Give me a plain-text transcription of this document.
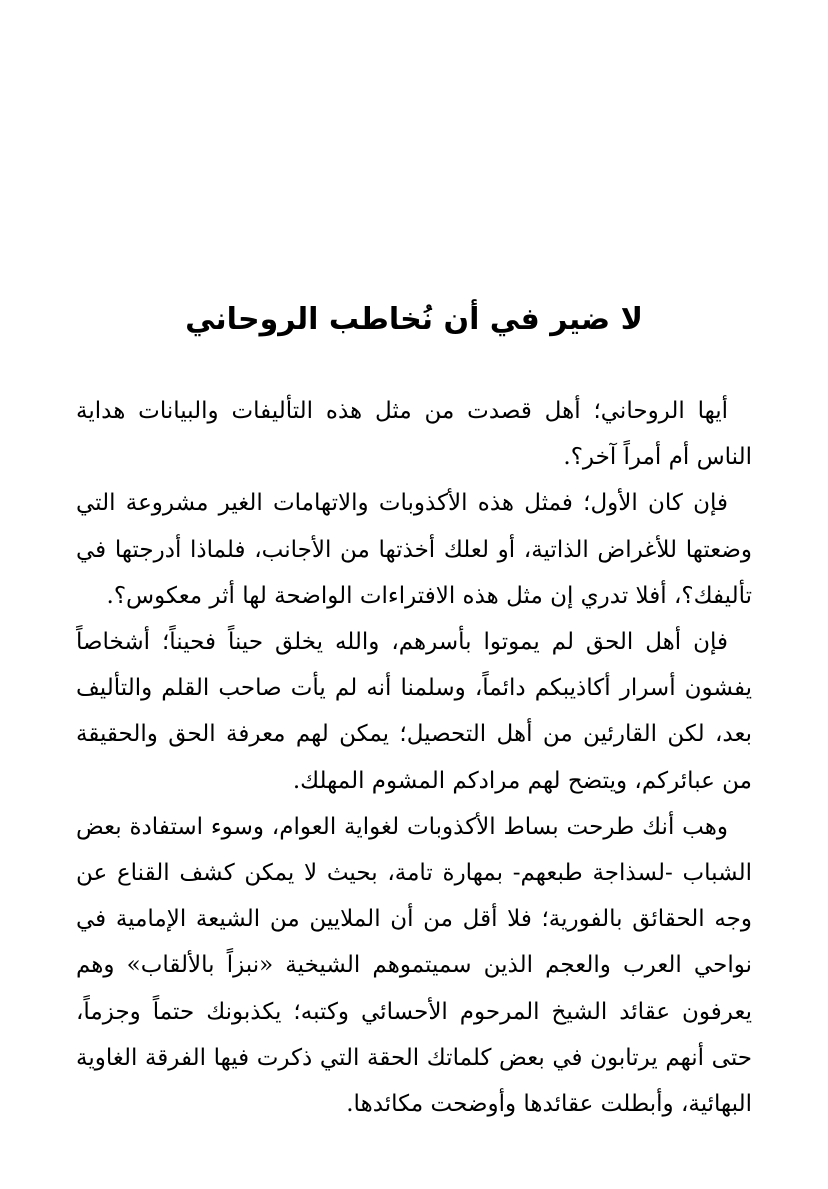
لا ضير في أن نُخاطب الروحاني

أيها الروحاني؛ أهل قصدت من مثل هذه التأليفات والبيانات هداية الناس أم أمراً آخر؟.

فإن كان الأول؛ فمثل هذه الأكذوبات والاتهامات الغير مشروعة التي وضعتها للأغراض الذاتية، أو لعلك أخذتها من الأجانب، فلماذا أدرجتها في تأليفك؟، أفلا تدري إن مثل هذه الافتراءات الواضحة لها أثر معكوس؟.

فإن أهل الحق لم يموتوا بأسرهم، والله يخلق حيناً فحيناً؛ أشخاصاً يفشون أسرار أكاذيبكم دائماً، وسلمنا أنه لم يأت صاحب القلم والتأليف بعد، لكن القارئين من أهل التحصيل؛ يمكن لهم معرفة الحق والحقيقة من عبائركم، ويتضح لهم مرادكم المشوم المهلك.

وهب أنك طرحت بساط الأكذوبات لغواية العوام، وسوء استفادة بعض الشباب -لسذاجة طبعهم- بمهارة تامة، بحيث لا يمكن كشف القناع عن وجه الحقائق بالفورية؛ فلا أقل من أن الملايين من الشيعة الإمامية في نواحي العرب والعجم الذين سميتموهم الشيخية «نبزاً بالألقاب» وهم يعرفون عقائد الشيخ المرحوم الأحسائي وكتبه؛ يكذبونك حتماً وجزماً، حتى أنهم يرتابون في بعض كلماتك الحقة التي ذكرت فيها الفرقة الغاوية البهائية، وأبطلت عقائدها وأوضحت مكائدها.
